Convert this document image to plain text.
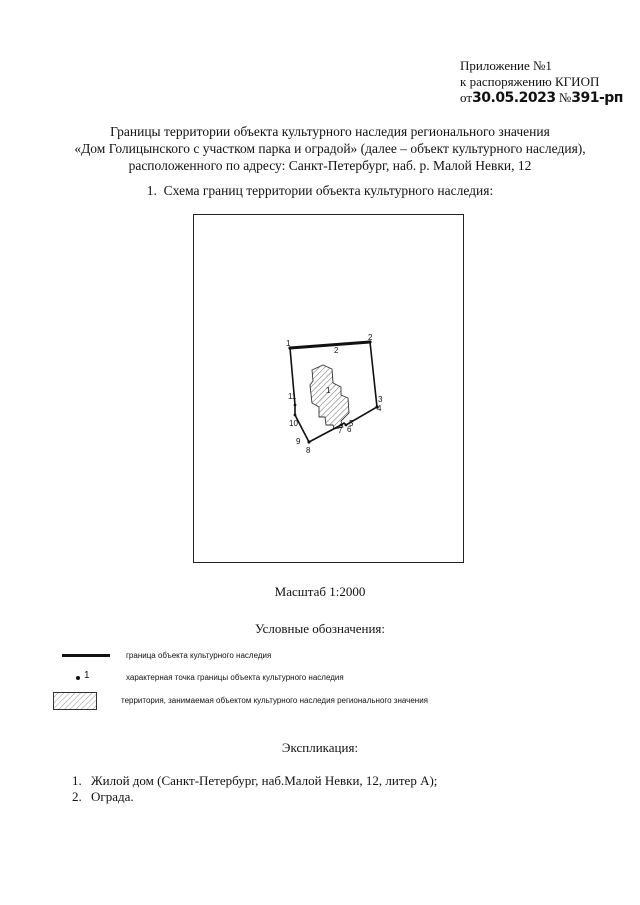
Приложение №1
к распоряжению КГИОП
от30.05.2023 №391-рп
Границы территории объекта культурного наследия регионального значения
«Дом Голицынского с участком парка и оградой» (далее – объект культурного наследия),
расположенного по адресу: Санкт-Петербург, наб. р. Малой Невки, 12
1. Схема границ территории объекта культурного наследия:
1
2
3
4
5
6
7
8
9
10
11
2
1
Масштаб 1:2000
Условные обозначения:
граница объекта культурного наследия
1	характерная точка границы объекта культурного наследия
территория, занимаемая объектом культурного наследия регионального значения
Экспликация:
1. Жилой дом (Санкт-Петербург, наб.Малой Невки, 12, литер А);
2. Ограда.
